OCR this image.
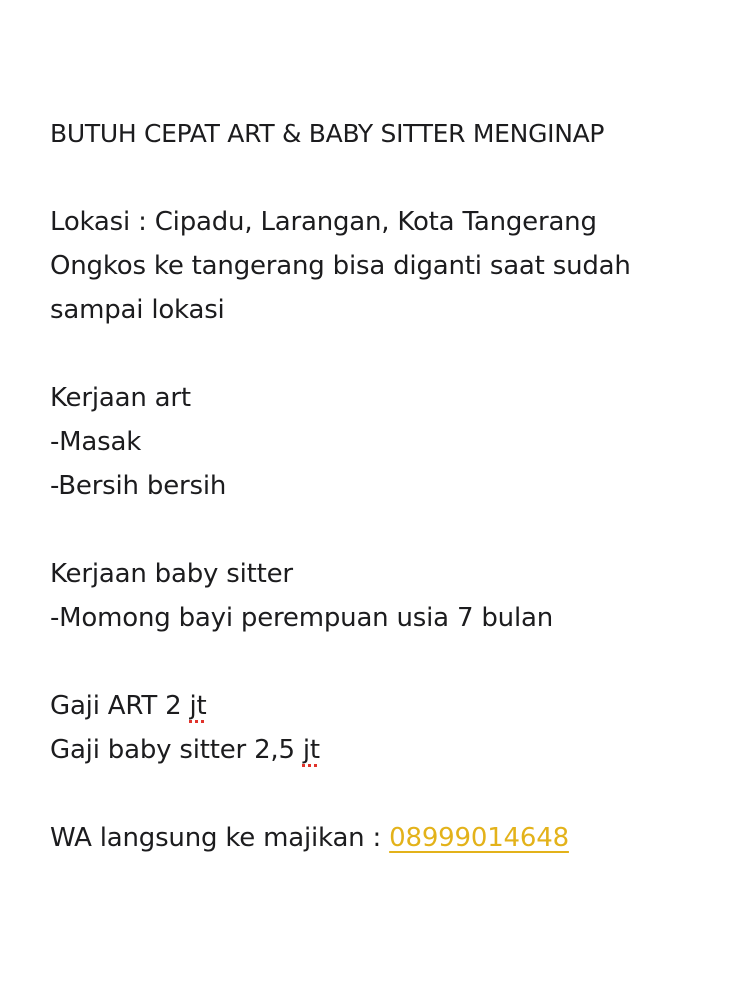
BUTUH CEPAT ART & BABY SITTER MENGINAP
Lokasi : Cipadu, Larangan, Kota Tangerang
Ongkos ke tangerang bisa diganti saat sudah
sampai lokasi
Kerjaan art
-Masak
-Bersih bersih
Kerjaan baby sitter
-Momong bayi perempuan usia 7 bulan
Gaji ART 2 jt
Gaji baby sitter 2,5 jt
WA langsung ke majikan : 08999014648
